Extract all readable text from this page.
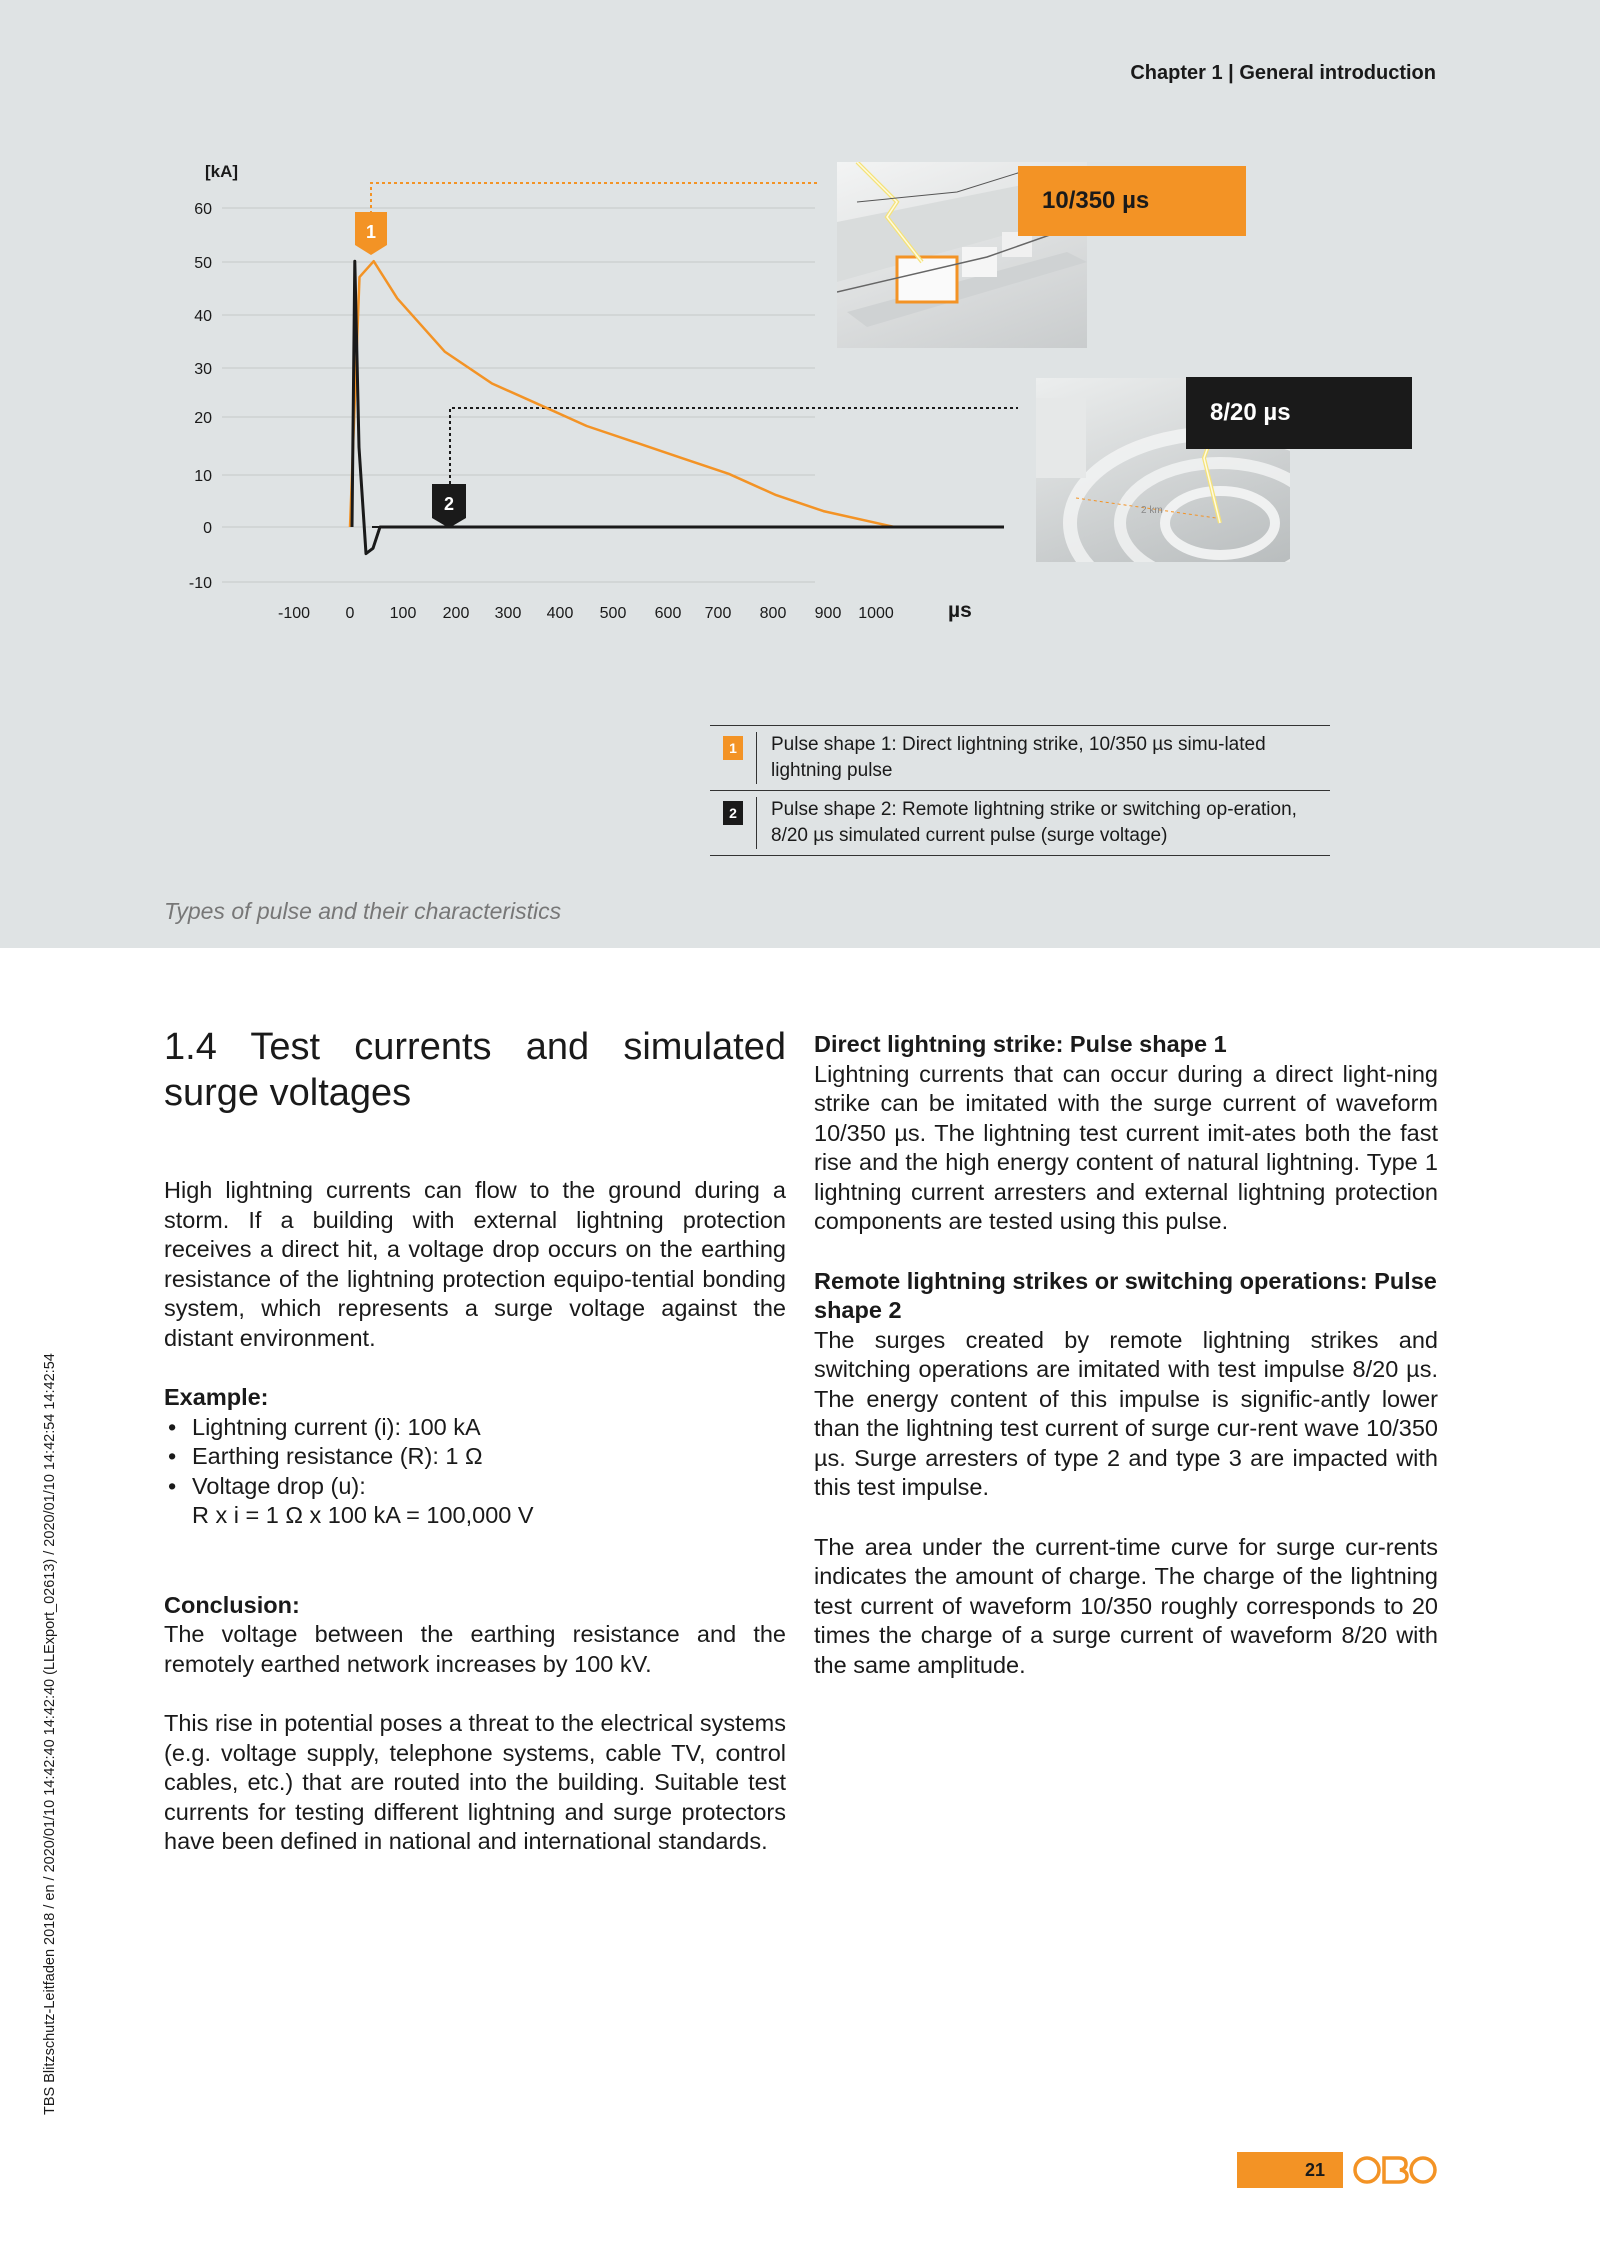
Chapter 1 | General introduction
[kA]
µs
60
50
40
30
20
10
0
-10
-100 0 100 200 300 400 500 600 700 800 900 1000
1
2
10/350 µs
2 km
8/20 µs
1	Pulse shape 1: Direct lightning strike, 10/350 µs simu-lated lightning pulse
2	Pulse shape 2: Remote lightning strike or switching op-eration, 8/20 µs simulated current pulse (surge voltage)
Types of pulse and their characteristics
1.4 Test currents and simulated
surge voltages

High lightning currents can flow to the ground during a storm. If a building with external lightning protection receives a direct hit, a voltage drop occurs on the earthing resistance of the lightning protection equipo-tential bonding system, which represents a surge voltage against the distant environment.

Example:

• Lightning current (i): 100 kA
• Earthing resistance (R): 1 Ω
• Voltage drop (u):
R x i = 1 Ω x 100 kA = 100,000 V

Conclusion:

The voltage between the earthing resistance and the remotely earthed network increases by 100 kV.

This rise in potential poses a threat to the electrical systems (e.g. voltage supply, telephone systems, cable TV, control cables, etc.) that are routed into the building. Suitable test currents for testing different lightning and surge protectors have been defined in national and international standards.

Direct lightning strike: Pulse shape 1

Lightning currents that can occur during a direct light-ning strike can be imitated with the surge current of waveform 10/350 µs. The lightning test current imit-ates both the fast rise and the high energy content of natural lightning. Type 1 lightning current arresters and external lightning protection components are tested using this pulse.

Remote lightning strikes or switching operations: Pulse shape 2

The surges created by remote lightning strikes and switching operations are imitated with test impulse 8/20 µs. The energy content of this impulse is signific-antly lower than the lightning test current of surge cur-rent wave 10/350 µs. Surge arresters of type 2 and type 3 are impacted with this test impulse.

The area under the current-time curve for surge cur-rents indicates the amount of charge. The charge of the lightning test current of waveform 10/350 roughly corresponds to 20 times the charge of a surge current of waveform 8/20 with the same amplitude.

TBS Blitzschutz-Leitfaden 2018 / en / 2020/01/10 14:42:40 14:42:40 (LLExport_02613) / 2020/01/10 14:42:54 14:42:54
21
